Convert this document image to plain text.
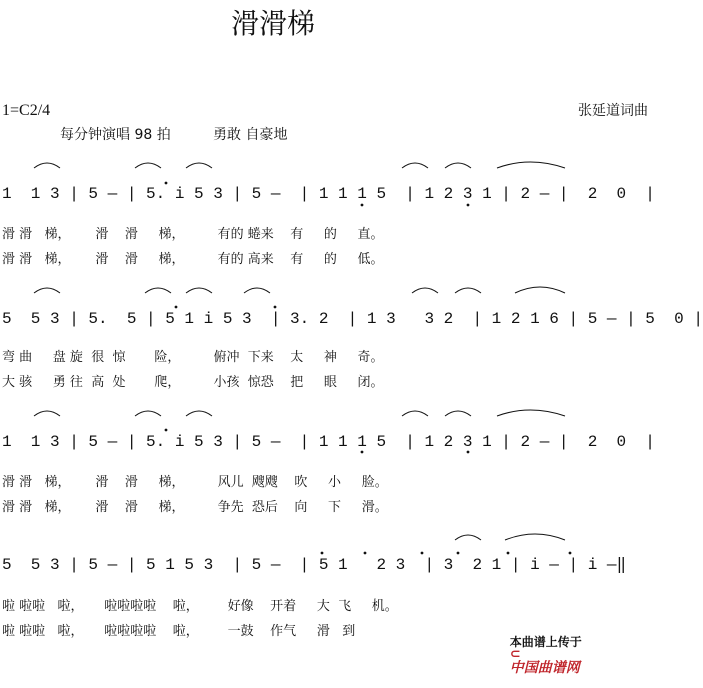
滑滑梯
1=C2/4	张延道词曲
每分钟演唱 98 拍	勇敢 自豪地
1  1 3 | 5 — | 5. i 5 3 | 5 —  | 1 1 1 5  | 1 2 3 1 | 2 — |  2  0  |
滑 滑   梯，      滑    滑     梯，        有的 蜷来    有     的     直。
滑 滑   梯，      滑    滑     梯，        有的 高来    有     的     低。
5  5 3 | 5.  5 | 5 1 i 5 3  | 3. 2  | 1 3   3 2  | 1 2 1 6 | 5 — | 5  0 |
弯 曲     盘 旋  很  惊       险，        俯冲  下来    太     神     奇。
大 骇     勇 往  高  处       爬，        小孩  惊恐    把     眼     闭。
1  1 3 | 5 — | 5. i 5 3 | 5 —  | 1 1 1 5  | 1 2 3 1 | 2 — |  2  0  |
滑 滑   梯，      滑    滑     梯，        风儿  飕飕    吹     小     脸。
滑 滑   梯，      滑    滑     梯，        争先  恐后    向     下     滑。
5  5 3 | 5 — | 5 1 5 3  | 5 —  | 5 1   2 3  | 3  2 1 | i — | i —‖
啦 啦啦   啦，     啦啦啦啦    啦，       好像    开着     大  飞     机。
啦 啦啦   啦，     啦啦啦啦    啦，       一鼓    作气     滑   到

本曲谱上传于
⊂⁠
中国曲谱网
